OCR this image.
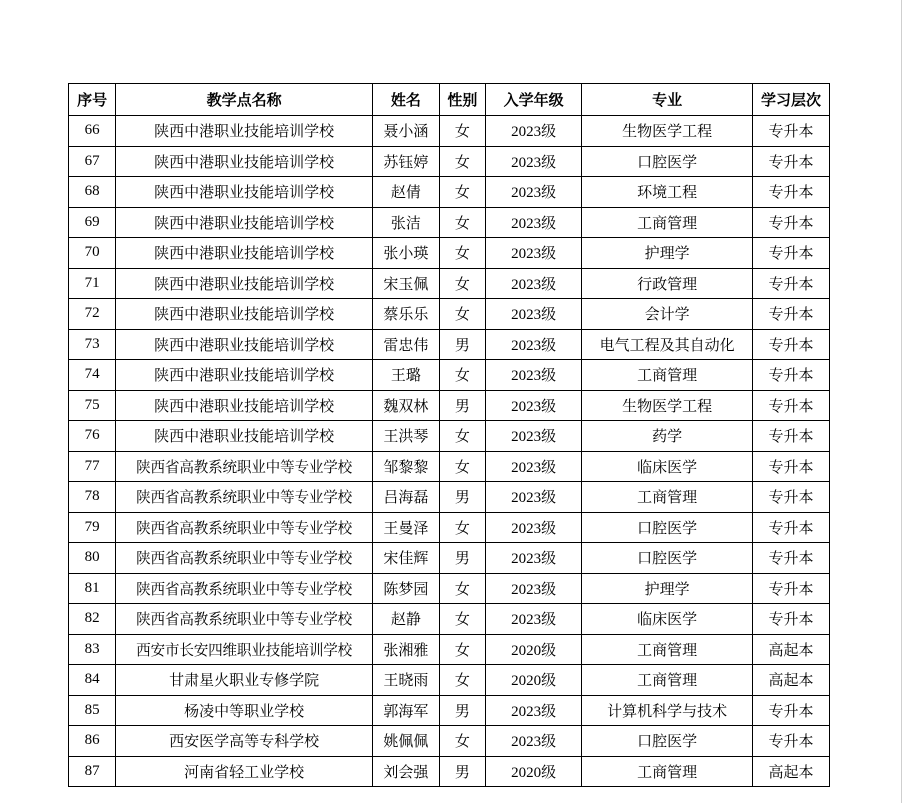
序号	教学点名称	姓名	性别	入学年级	专业	学习层次
66	陕西中港职业技能培训学校	聂小涵	女	2023级	生物医学工程	专升本
67	陕西中港职业技能培训学校	苏钰婷	女	2023级	口腔医学	专升本
68	陕西中港职业技能培训学校	赵倩	女	2023级	环境工程	专升本
69	陕西中港职业技能培训学校	张洁	女	2023级	工商管理	专升本
70	陕西中港职业技能培训学校	张小瑛	女	2023级	护理学	专升本
71	陕西中港职业技能培训学校	宋玉佩	女	2023级	行政管理	专升本
72	陕西中港职业技能培训学校	蔡乐乐	女	2023级	会计学	专升本
73	陕西中港职业技能培训学校	雷忠伟	男	2023级	电气工程及其自动化	专升本
74	陕西中港职业技能培训学校	王璐	女	2023级	工商管理	专升本
75	陕西中港职业技能培训学校	魏双林	男	2023级	生物医学工程	专升本
76	陕西中港职业技能培训学校	王洪琴	女	2023级	药学	专升本
77	陕西省高教系统职业中等专业学校	邹黎黎	女	2023级	临床医学	专升本
78	陕西省高教系统职业中等专业学校	吕海磊	男	2023级	工商管理	专升本
79	陕西省高教系统职业中等专业学校	王曼泽	女	2023级	口腔医学	专升本
80	陕西省高教系统职业中等专业学校	宋佳辉	男	2023级	口腔医学	专升本
81	陕西省高教系统职业中等专业学校	陈梦园	女	2023级	护理学	专升本
82	陕西省高教系统职业中等专业学校	赵静	女	2023级	临床医学	专升本
83	西安市长安四维职业技能培训学校	张湘雅	女	2020级	工商管理	高起本
84	甘肃星火职业专修学院	王晓雨	女	2020级	工商管理	高起本
85	杨凌中等职业学校	郭海军	男	2023级	计算机科学与技术	专升本
86	西安医学高等专科学校	姚佩佩	女	2023级	口腔医学	专升本
87	河南省轻工业学校	刘会强	男	2020级	工商管理	高起本
